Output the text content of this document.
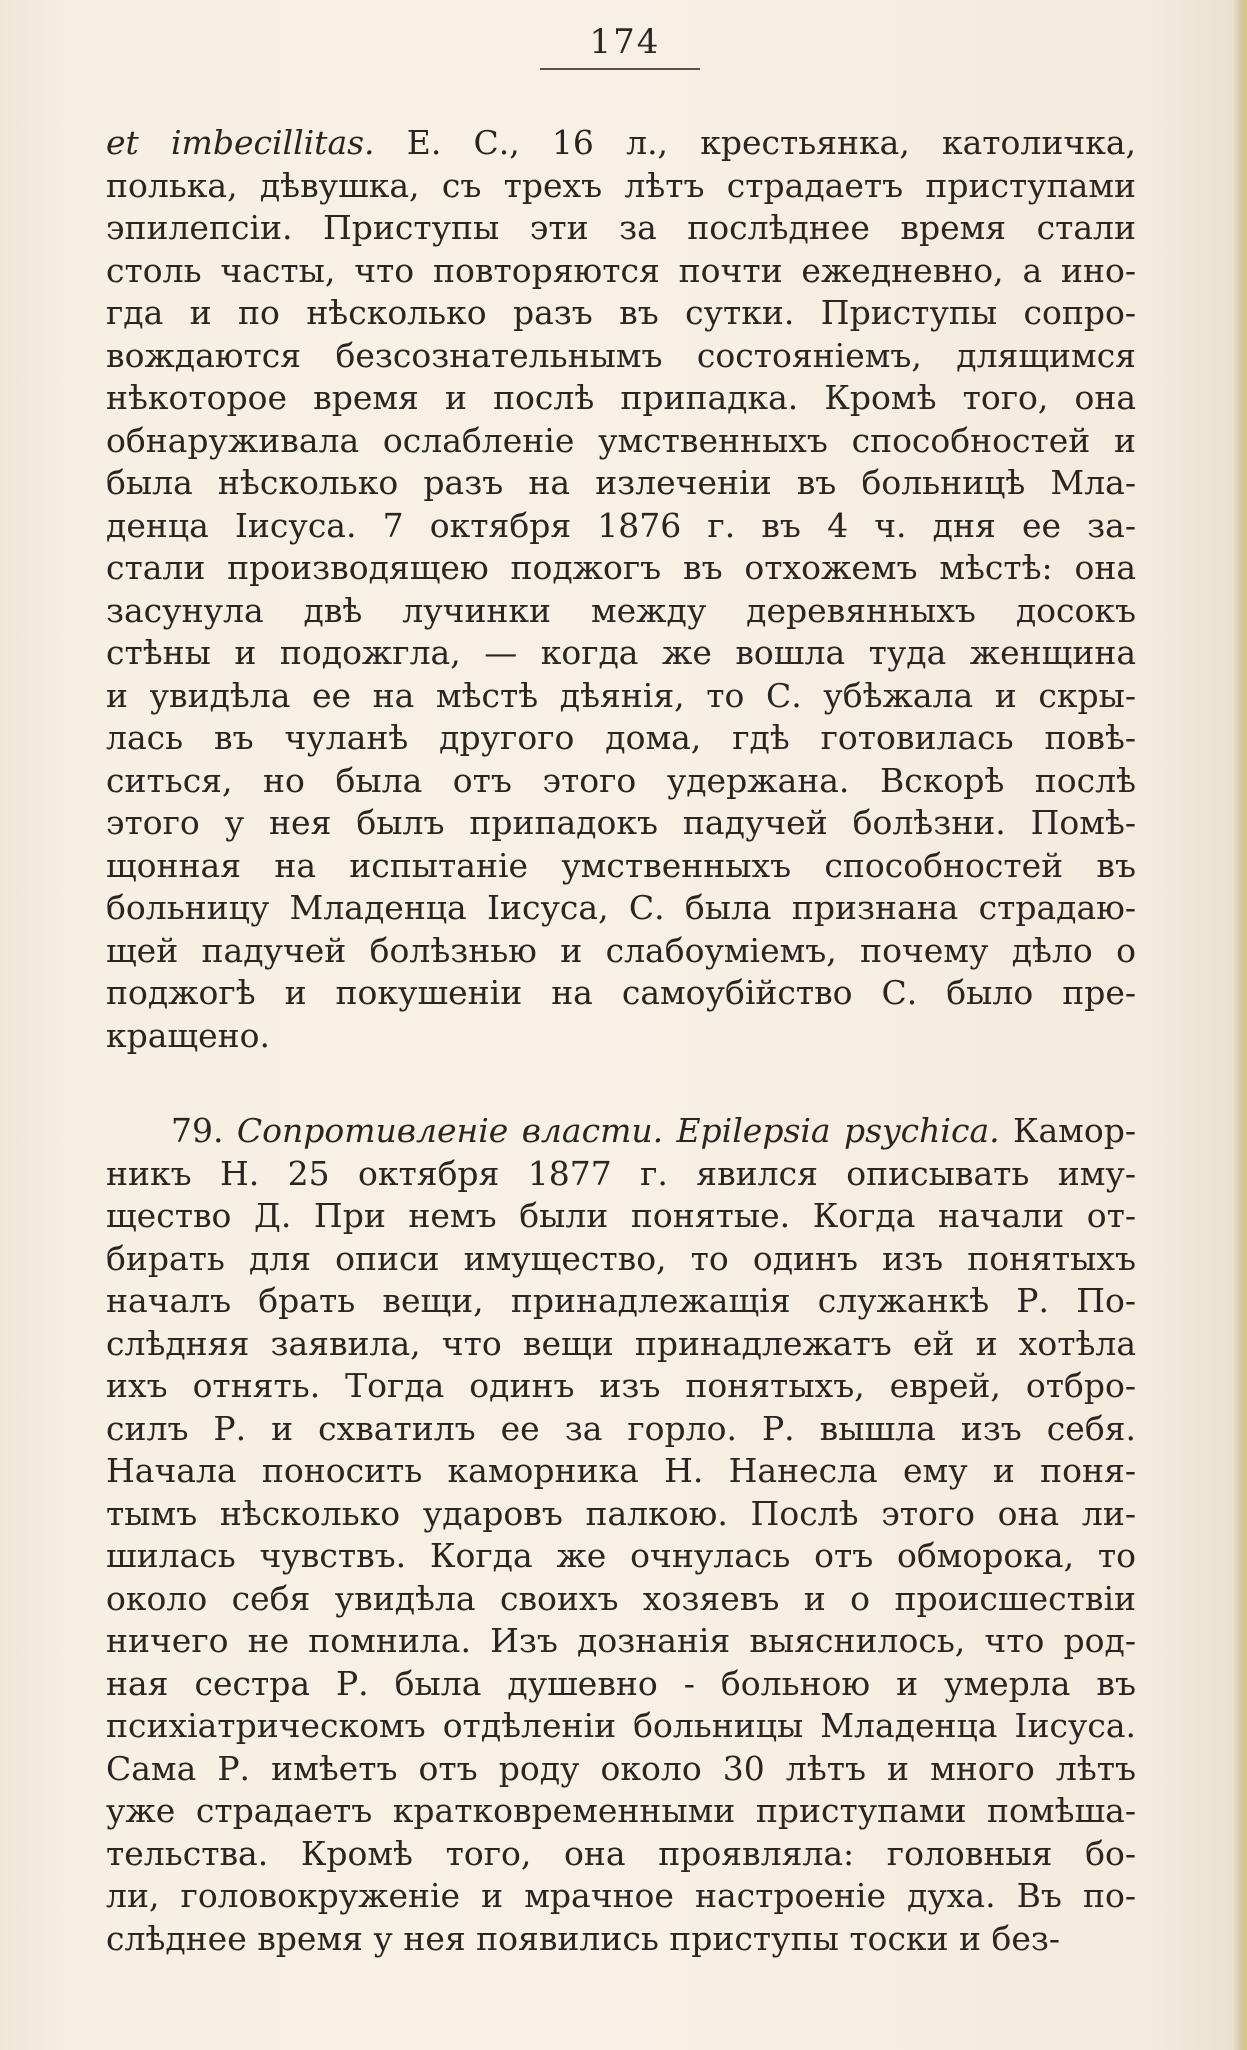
174
et imbecillitas. Е. С., 16 л., крестьянка, католичка,
полька, дѣвушка, съ трехъ лѣтъ страдаетъ приступами
эпилепсіи. Приступы эти за послѣднее время стали
столь часты, что повторяются почти ежедневно, а ино-
гда и по нѣсколько разъ въ сутки. Приступы сопро-
вождаются безсознательнымъ состояніемъ, длящимся
нѣкоторое время и послѣ припадка. Кромѣ того, она
обнаруживала ослабленіе умственныхъ способностей и
была нѣсколько разъ на излеченіи въ больницѣ Мла-
денца Іисуса. 7 октября 1876 г. въ 4 ч. дня ее за-
стали производящею поджогъ въ отхожемъ мѣстѣ: она
засунула двѣ лучинки между деревянныхъ досокъ
стѣны и подожгла, — когда же вошла туда женщина
и увидѣла ее на мѣстѣ дѣянія, то С. убѣжала и скры-
лась въ чуланѣ другого дома, гдѣ готовилась повѣ-
ситься, но была отъ этого удержана. Вскорѣ послѣ
этого у нея былъ припадокъ падучей болѣзни. Помѣ-
щонная на испытаніе умственныхъ способностей въ
больницу Младенца Іисуса, С. была признана страдаю-
щей падучей болѣзнью и слабоуміемъ, почему дѣло о
поджогѣ и покушеніи на самоубійство С. было пре-
кращено.
79. Сопротивленіе власти. Epilepsia psychica. Камор-
никъ Н. 25 октября 1877 г. явился описывать иму-
щество Д. При немъ были понятые. Когда начали от-
бирать для описи имущество, то одинъ изъ понятыхъ
началъ брать вещи, принадлежащія служанкѣ Р. По-
слѣдняя заявила, что вещи принадлежатъ ей и хотѣла
ихъ отнять. Тогда одинъ изъ понятыхъ, еврей, отбро-
силъ Р. и схватилъ ее за горло. Р. вышла изъ себя.
Начала поносить каморника Н. Нанесла ему и поня-
тымъ нѣсколько ударовъ палкою. Послѣ этого она ли-
шилась чувствъ. Когда же очнулась отъ обморока, то
около себя увидѣла своихъ хозяевъ и о происшествіи
ничего не помнила. Изъ дознанія выяснилось, что род-
ная сестра Р. была душевно - больною и умерла въ
психіатрическомъ отдѣленіи больницы Младенца Іисуса.
Сама Р. имѣетъ отъ роду около 30 лѣтъ и много лѣтъ
уже страдаетъ кратковременными приступами помѣша-
тельства. Кромѣ того, она проявляла: головныя бо-
ли, головокруженіе и мрачное настроеніе духа. Въ по-
слѣднее время у нея появились приступы тоски и без-
